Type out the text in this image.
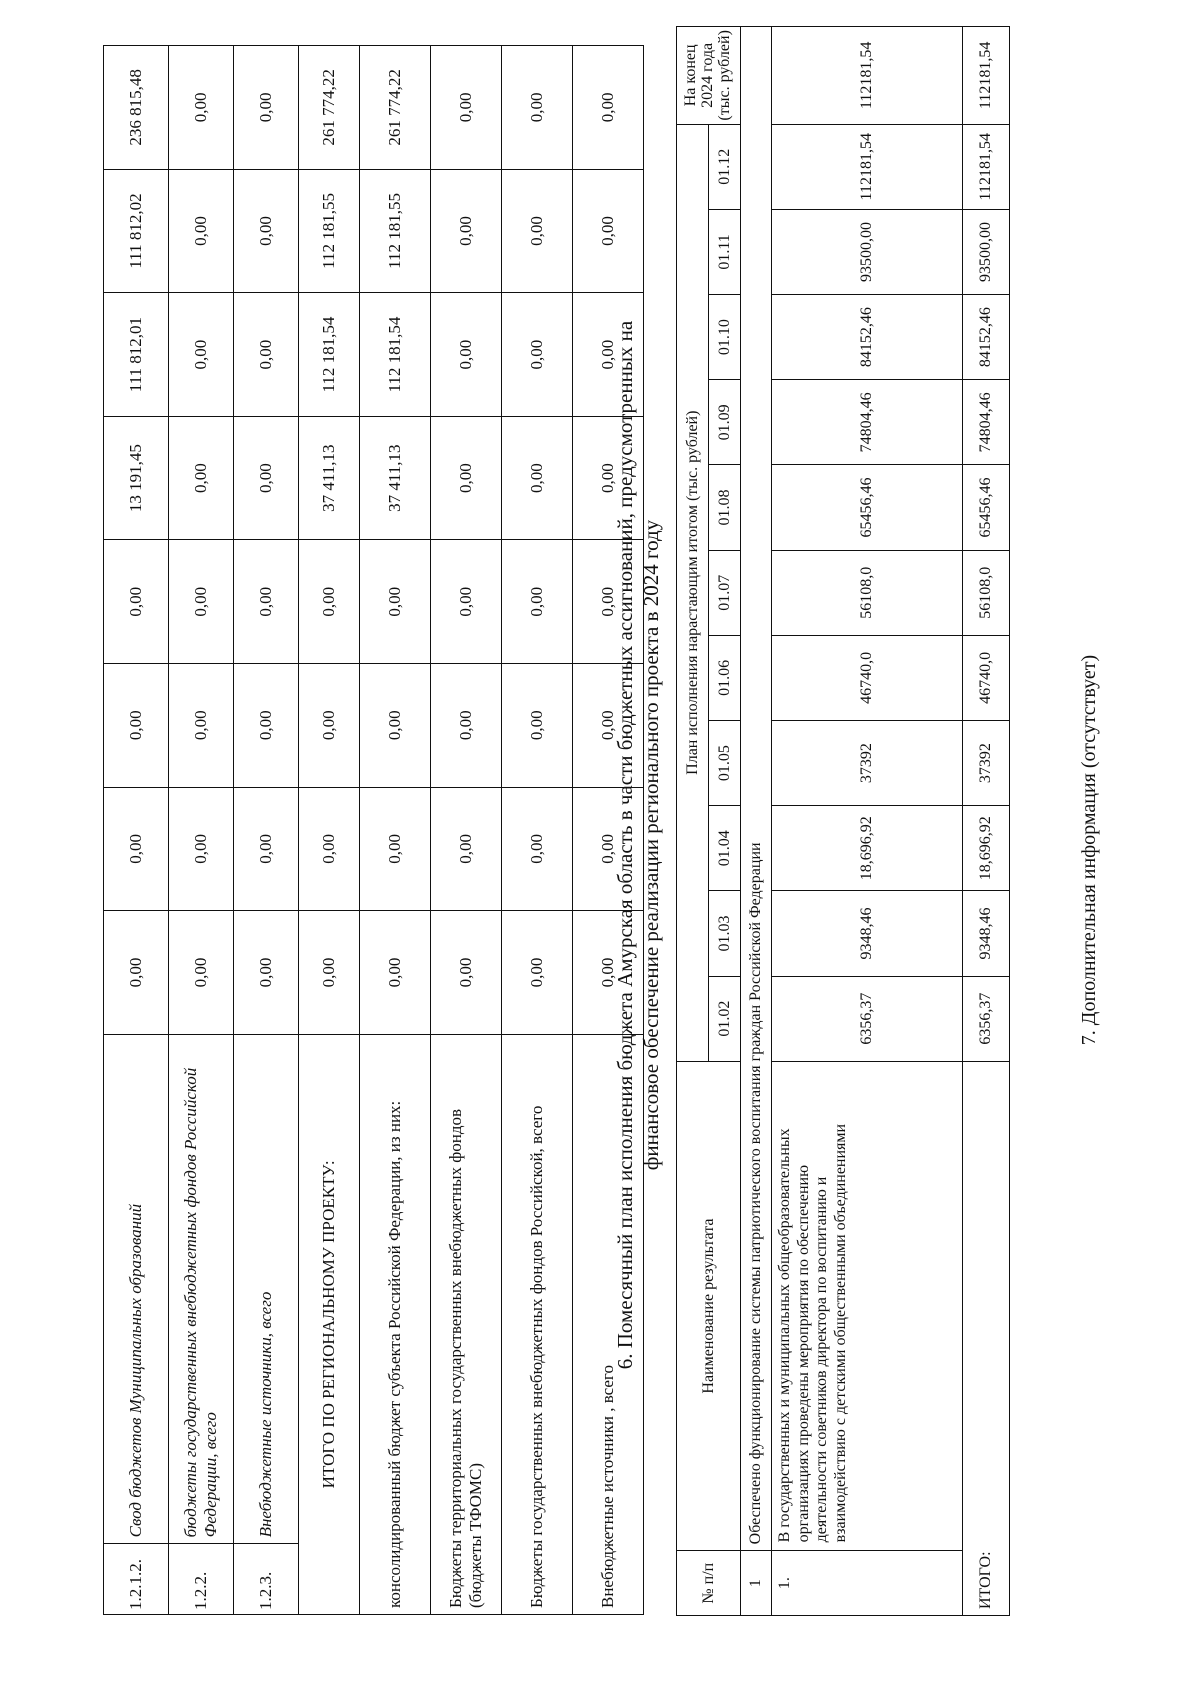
1.2.1.2.	Свод бюджетов Муниципальных образований	0,00	0,00	0,00	0,00	13 191,45	111 812,01	111 812,02	236 815,48
1.2.2.	бюджеты государственных внебюджетных фондов Российской Федерации, всего	0,00	0,00	0,00	0,00	0,00	0,00	0,00	0,00
1.2.3.	Внебюджетные источники, всего	0,00	0,00	0,00	0,00	0,00	0,00	0,00	0,00
ИТОГО ПО РЕГИОНАЛЬНОМУ ПРОЕКТУ:		0,00	0,00	0,00	0,00	37 411,13	112 181,54	112 181,55	261 774,22
консолидированный бюджет субъекта Российской Федерации, из них:		0,00	0,00	0,00	0,00	37 411,13	112 181,54	112 181,55	261 774,22
Бюджеты территориальных государственных внебюджетных фондов (бюджеты ТФОМС)		0,00	0,00	0,00	0,00	0,00	0,00	0,00	0,00
Бюджеты государственных внебюджетных фондов Российской, всего		0,00	0,00	0,00	0,00	0,00	0,00	0,00	0,00
Внебюджетные источники , всего		0,00	0,00	0,00	0,00	0,00	0,00	0,00	0,00
6. Помесячный план исполнения бюджета Амурская область в части бюджетных ассигнований, предусмотренных на финансовое обеспечение реализации регионального проекта в 2024 году
№ п/п	Наименование результата	План исполнения нарастающим итогом (тыс. рублей)											На конец 2024 года (тыс. рублей)
		01.02	01.03	01.04	01.05	01.06	01.07	01.08	01.09	01.10	01.11	01.12	
1	Обеспечено функционирование системы патриотического воспитания граждан Российской Федерации												
1.	В государственных и муниципальных общеобразовательных организациях проведены мероприятия по обеспечению деятельности советников директора по воспитанию и взаимодействию с детскими общественными объединениями	6356,37	9348,46	18,696,92	37392	46740,0	56108,0	65456,46	74804,46	84152,46	93500,00	112181,54	112181,54
ИТОГО:		6356,37	9348,46	18,696,92	37392	46740,0	56108,0	65456,46	74804,46	84152,46	93500,00	112181,54	112181,54
7. Дополнительная информация (отсутствует)
